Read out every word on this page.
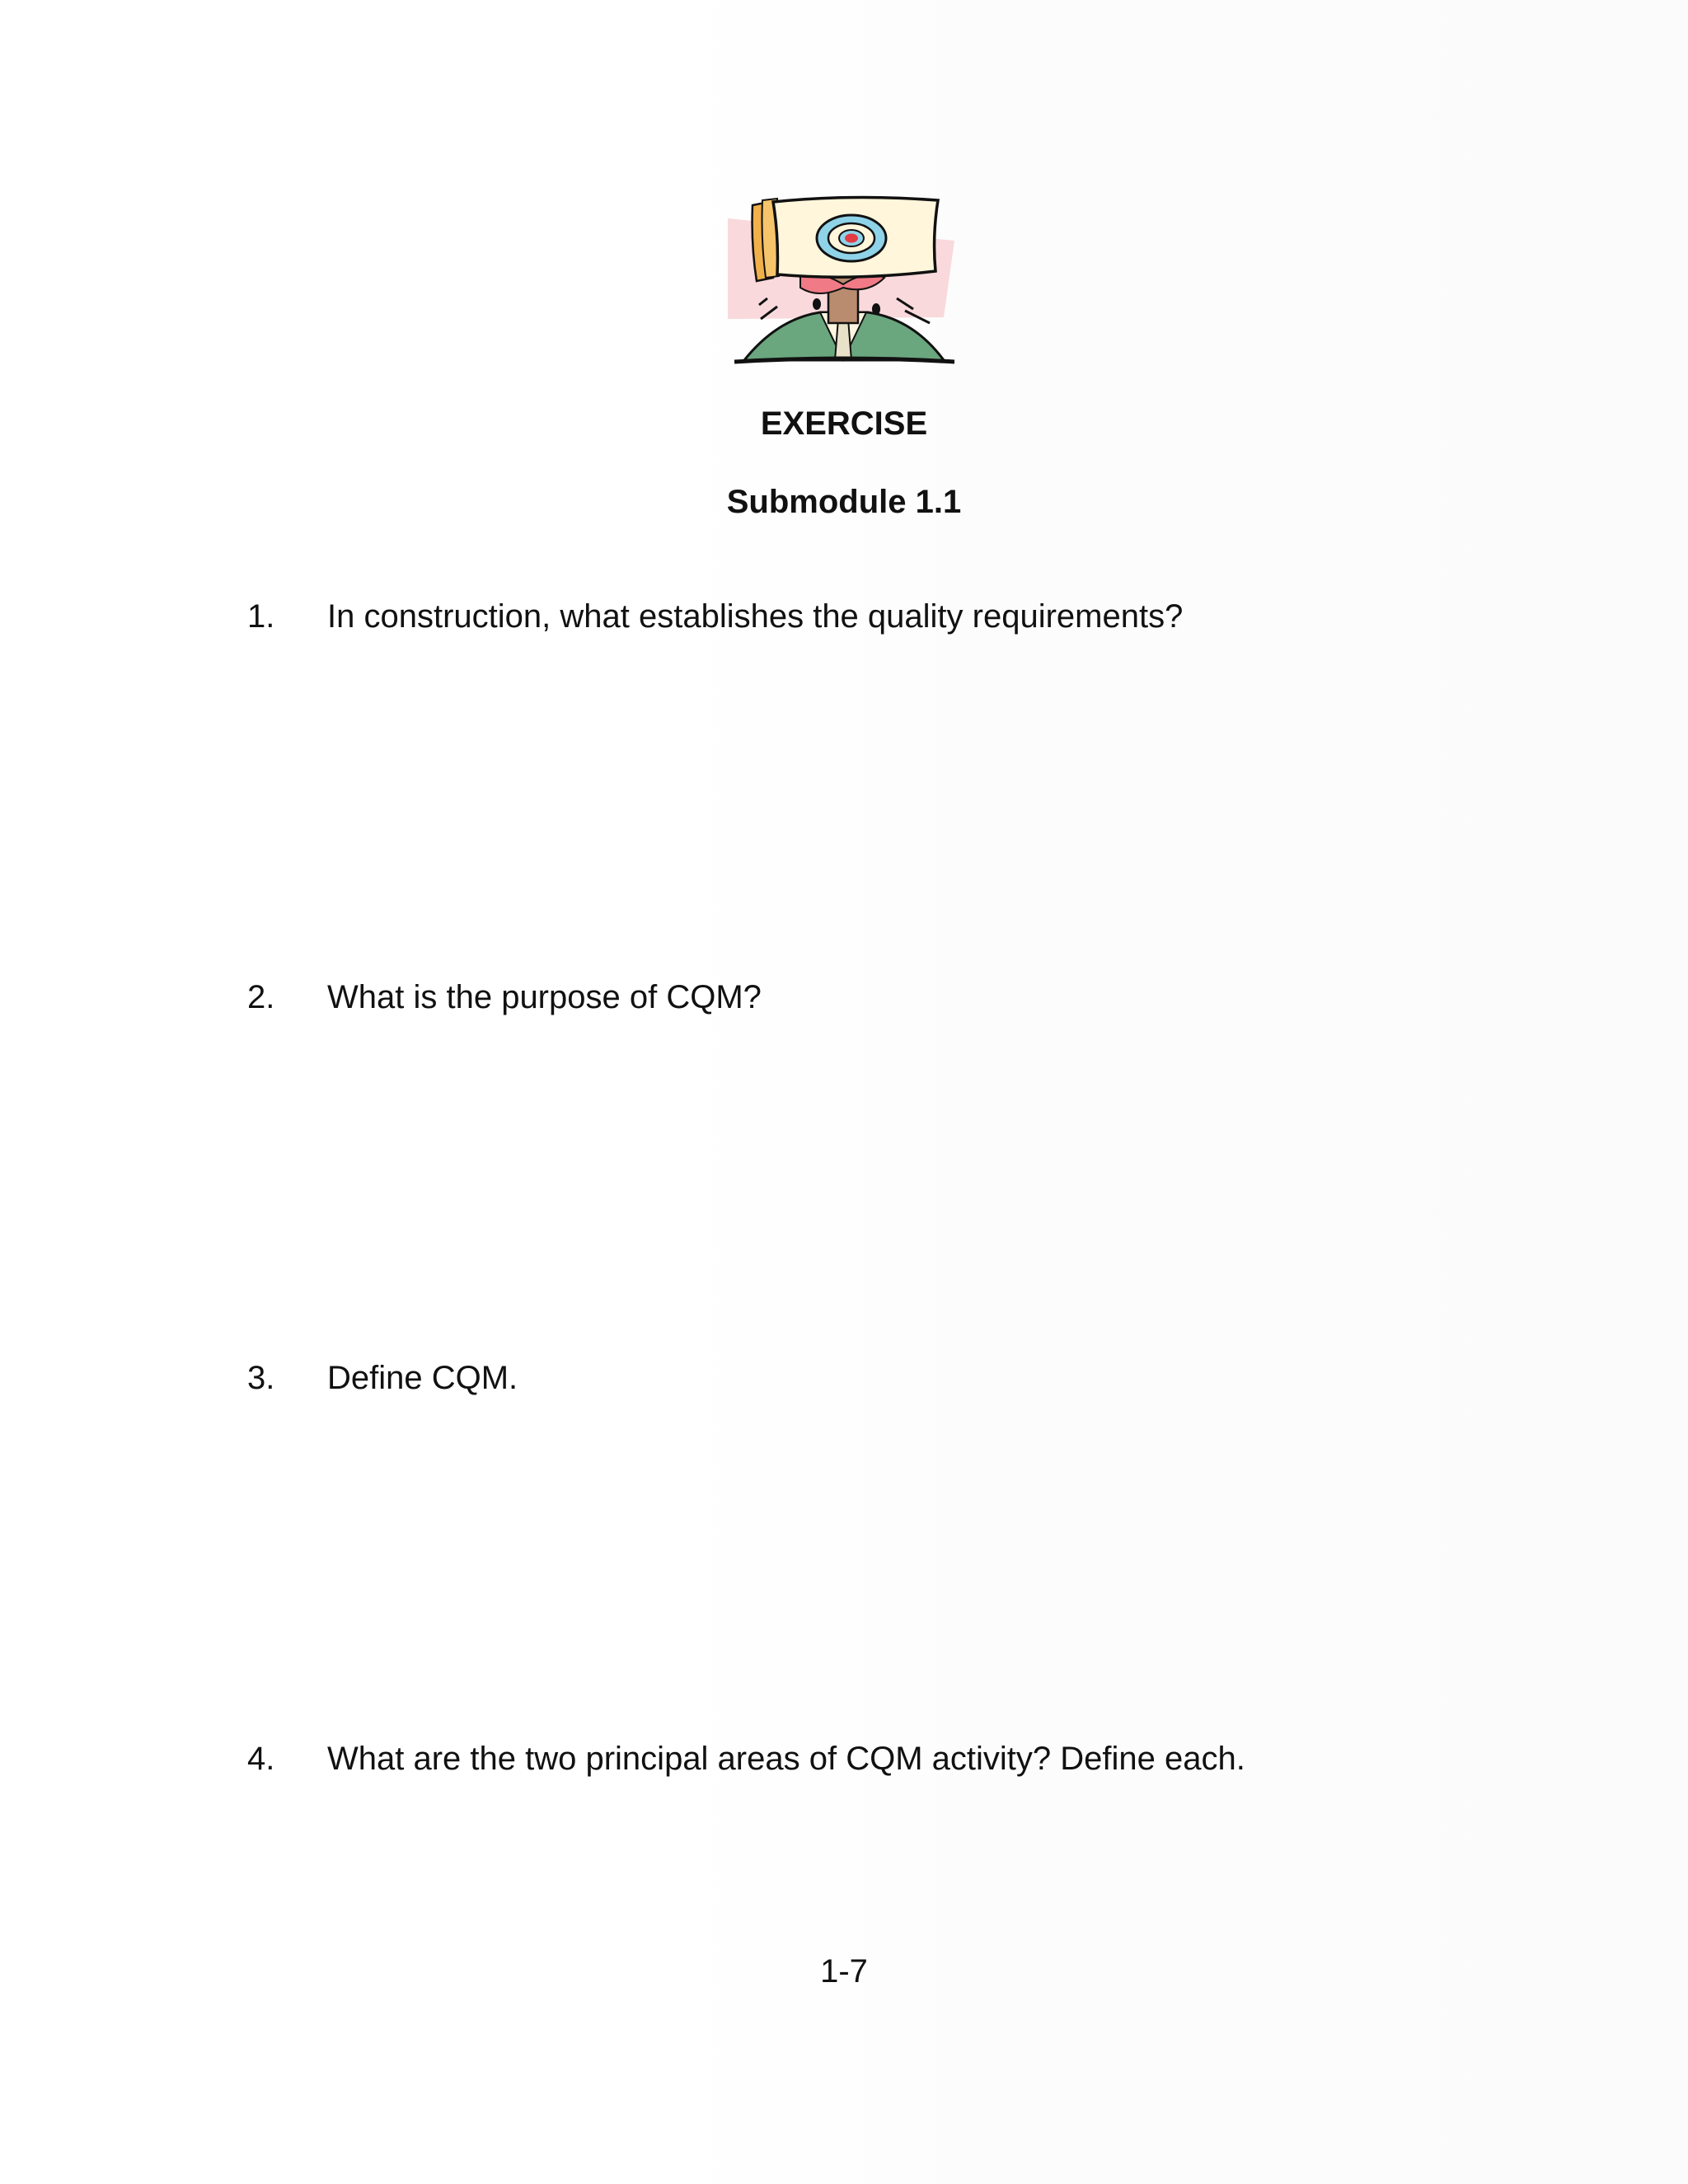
EXERCISE
Submodule 1.1
1. In construction, what establishes the quality requirements?
2. What is the purpose of CQM?
3. Define CQM.
4. What are the two principal areas of CQM activity? Define each.
1-7
